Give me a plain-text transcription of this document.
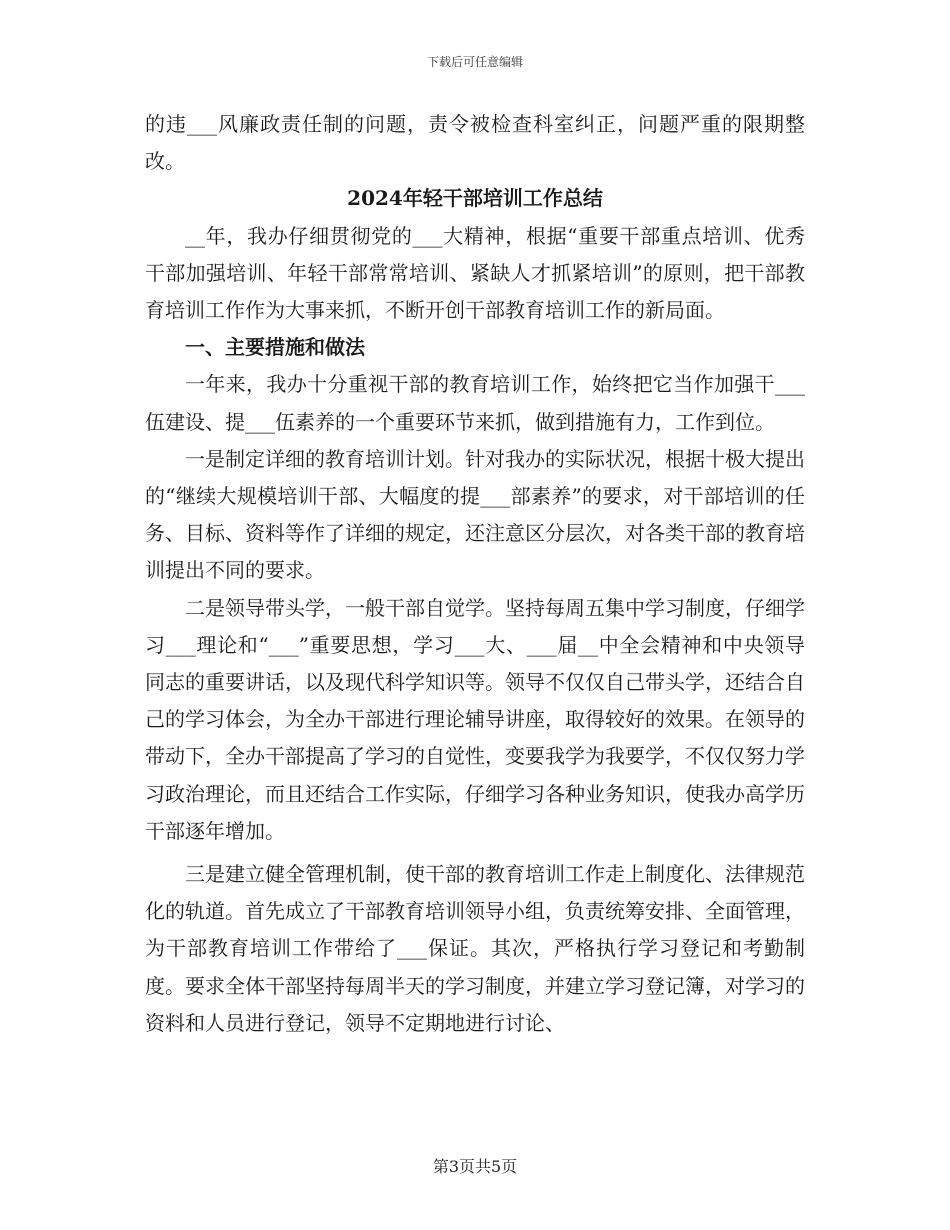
下载后可任意编辑

的违___风廉政责任制的问题，责令被检查科室纠正，问题严重的限期整改。

2024年轻干部培训工作总结

__年，我办仔细贯彻党的___大精神，根据“重要干部重点培训、优秀干部加强培训、年轻干部常常培训、紧缺人才抓紧培训”的原则，把干部教育培训工作作为大事来抓，不断开创干部教育培训工作的新局面。

一、主要措施和做法

一年来，我办十分重视干部的教育培训工作，始终把它当作加强干___伍建设、提___伍素养的一个重要环节来抓，做到措施有力，工作到位。

一是制定详细的教育培训计划。针对我办的实际状况，根据十极大提出的“继续大规模培训干部、大幅度的提___部素养”的要求，对干部培训的任务、目标、资料等作了详细的规定，还注意区分层次，对各类干部的教育培训提出不同的要求。

二是领导带头学，一般干部自觉学。坚持每周五集中学习制度，仔细学习___理论和“___”重要思想，学习___大、___届__中全会精神和中央领导同志的重要讲话，以及现代科学知识等。领导不仅仅自己带头学，还结合自己的学习体会，为全办干部进行理论辅导讲座，取得较好的效果。在领导的带动下，全办干部提高了学习的自觉性，变要我学为我要学，不仅仅努力学习政治理论，而且还结合工作实际，仔细学习各种业务知识，使我办高学历干部逐年增加。

三是建立健全管理机制，使干部的教育培训工作走上制度化、法律规范化的轨道。首先成立了干部教育培训领导小组，负责统筹安排、全面管理，为干部教育培训工作带给了___保证。其次，严格执行学习登记和考勤制度。要求全体干部坚持每周半天的学习制度，并建立学习登记簿，对学习的资料和人员进行登记，领导不定期地进行讨论、

第3页共5页
